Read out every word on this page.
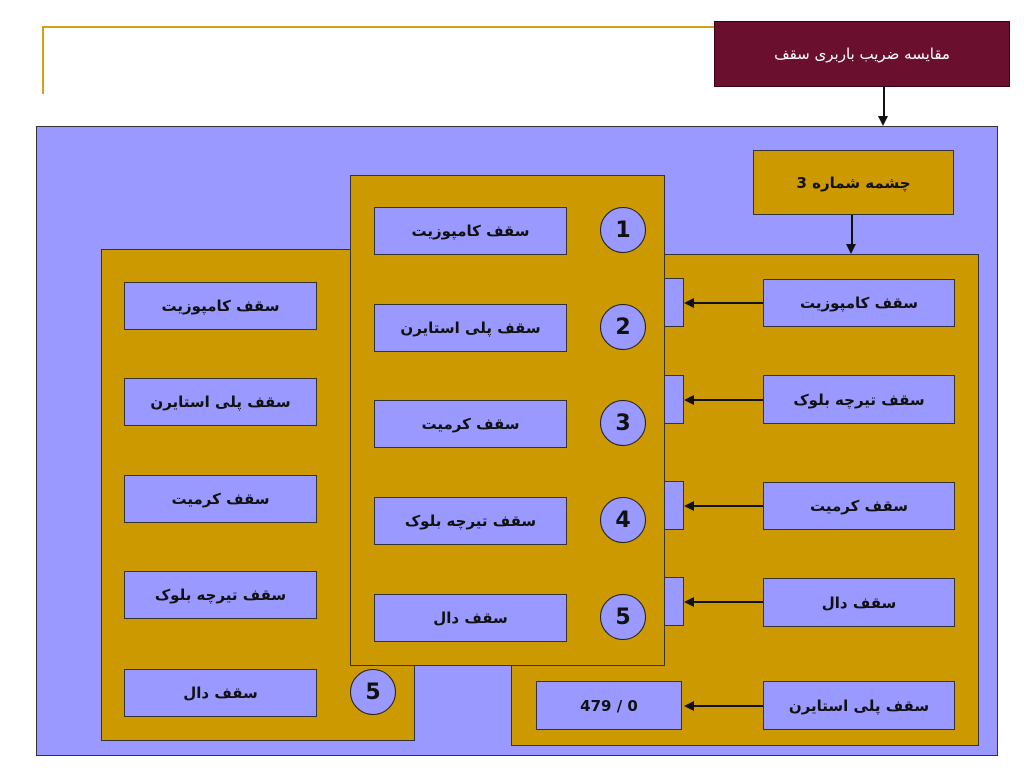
مقایسه ضریب باربری سقف
چشمه شماره 3
0 / 479
سقف کامپوزیت
سقف تیرچه بلوک
سقف کرمیت
سقف دال
سقف پلی استایرن
سقف کامپوزیت
سقف پلی استایرن
سقف کرمیت
سقف تیرچه بلوک
سقف دال	5
سقف کامپوزیت	1
سقف پلی استایرن	2
سقف کرمیت	3
سقف تیرچه بلوک	4
سقف دال	5
